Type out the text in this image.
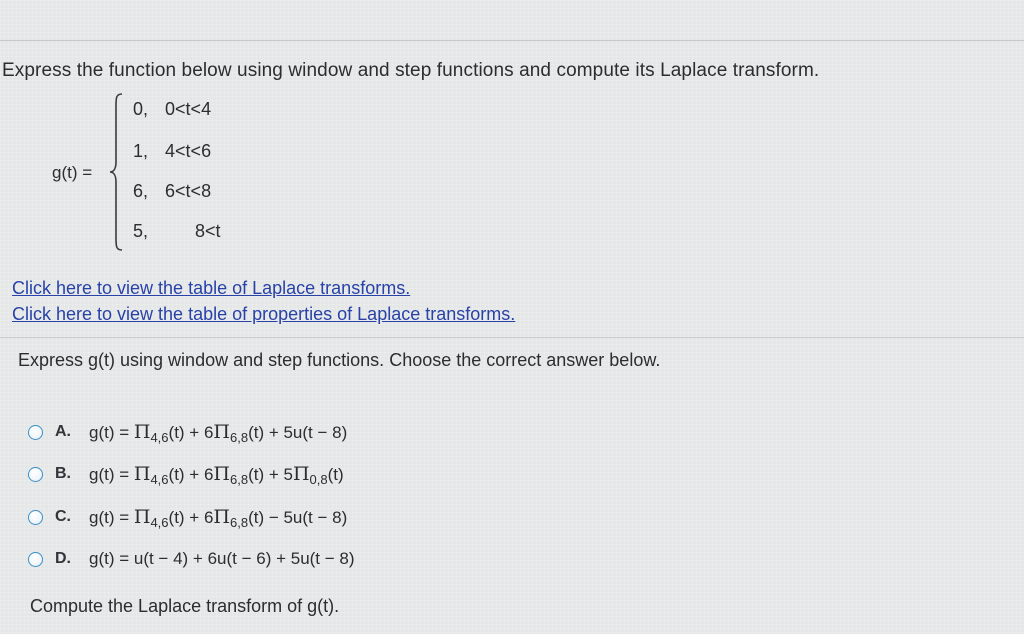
Express the function below using window and step functions and compute its Laplace transform.
g(t) =
0, 0<t<4
1, 4<t<6
6, 6<t<8
5,	8<t
Click here to view the table of Laplace transforms.
Click here to view the table of properties of Laplace transforms.
Express g(t) using window and step functions. Choose the correct answer below.
A.	$g(t) = \Pi_{4,6}(t) + 6\Pi_{6,8}(t) + 5u(t - 8)$
B.	$g(t) = \Pi_{4,6}(t) + 6\Pi_{6,8}(t) + 5\Pi_{0,8}(t)$
C.	$g(t) = \Pi_{4,6}(t) + 6\Pi_{6,8}(t) - 5u(t - 8)$
D.	g(t) = u(t − 4) + 6u(t − 6) + 5u(t − 8)
Compute the Laplace transform of g(t).
